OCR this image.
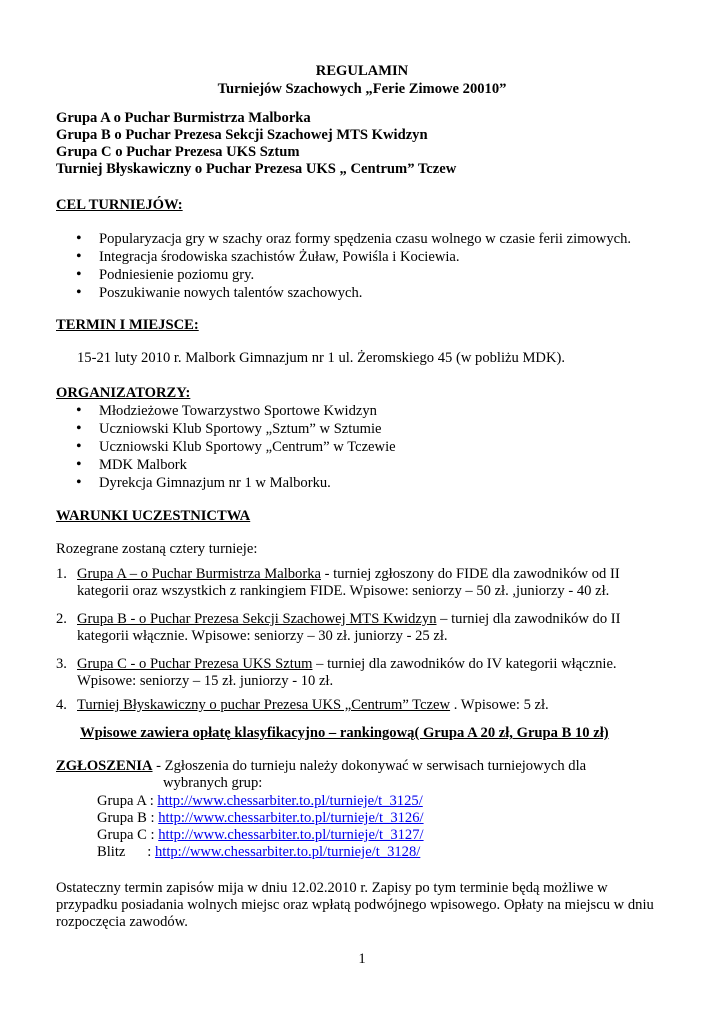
REGULAMIN
Turniejów Szachowych „Ferie Zimowe 20010”
Grupa A o Puchar Burmistrza Malborka
Grupa B o Puchar Prezesa Sekcji Szachowej MTS Kwidzyn
Grupa C o Puchar Prezesa UKS Sztum
Turniej Błyskawiczny o Puchar Prezesa UKS „ Centrum” Tczew
CEL TURNIEJÓW:
• Popularyzacja gry w szachy oraz formy spędzenia czasu wolnego w czasie ferii zimowych.
• Integracja środowiska szachistów Żuław, Powiśla i Kociewia.
• Podniesienie poziomu gry.
• Poszukiwanie nowych talentów szachowych.
TERMIN I MIEJSCE:
15-21 luty 2010 r. Malbork Gimnazjum nr 1 ul. Żeromskiego 45 (w pobliżu MDK).
ORGANIZATORZY:
• Młodzieżowe Towarzystwo Sportowe Kwidzyn
• Uczniowski Klub Sportowy „Sztum” w Sztumie
• Uczniowski Klub Sportowy „Centrum” w Tczewie
• MDK Malbork
• Dyrekcja Gimnazjum nr 1 w Malborku.
WARUNKI UCZESTNICTWA
Rozegrane zostaną cztery turnieje:
1. Grupa A – o Puchar Burmistrza Malborka - turniej zgłoszony do FIDE dla zawodników od II
kategorii oraz wszystkich z rankingiem FIDE. Wpisowe: seniorzy – 50 zł. ,juniorzy - 40 zł.
2. Grupa B - o Puchar Prezesa Sekcji Szachowej MTS Kwidzyn – turniej dla zawodników do II
kategorii włącznie. Wpisowe: seniorzy – 30 zł. juniorzy - 25 zł.
3. Grupa C - o Puchar Prezesa UKS Sztum – turniej dla zawodników do IV kategorii włącznie.
Wpisowe: seniorzy – 15 zł. juniorzy - 10 zł.
4. Turniej Błyskawiczny o puchar Prezesa UKS „Centrum” Tczew . Wpisowe: 5 zł.
Wpisowe zawiera opłatę klasyfikacyjno – rankingową( Grupa A 20 zł, Grupa B 10 zł)
ZGŁOSZENIA - Zgłoszenia do turnieju należy dokonywać w serwisach turniejowych dla
wybranych grup:
Grupa A : http://www.chessarbiter.to.pl/turnieje/t_3125/
Grupa B : http://www.chessarbiter.to.pl/turnieje/t_3126/
Grupa C : http://www.chessarbiter.to.pl/turnieje/t_3127/
Blitz      : http://www.chessarbiter.to.pl/turnieje/t_3128/
Ostateczny termin zapisów mija w dniu 12.02.2010 r. Zapisy po tym terminie będą możliwe w
przypadku posiadania wolnych miejsc oraz wpłatą podwójnego wpisowego. Opłaty na miejscu w dniu
rozpoczęcia zawodów.
1
